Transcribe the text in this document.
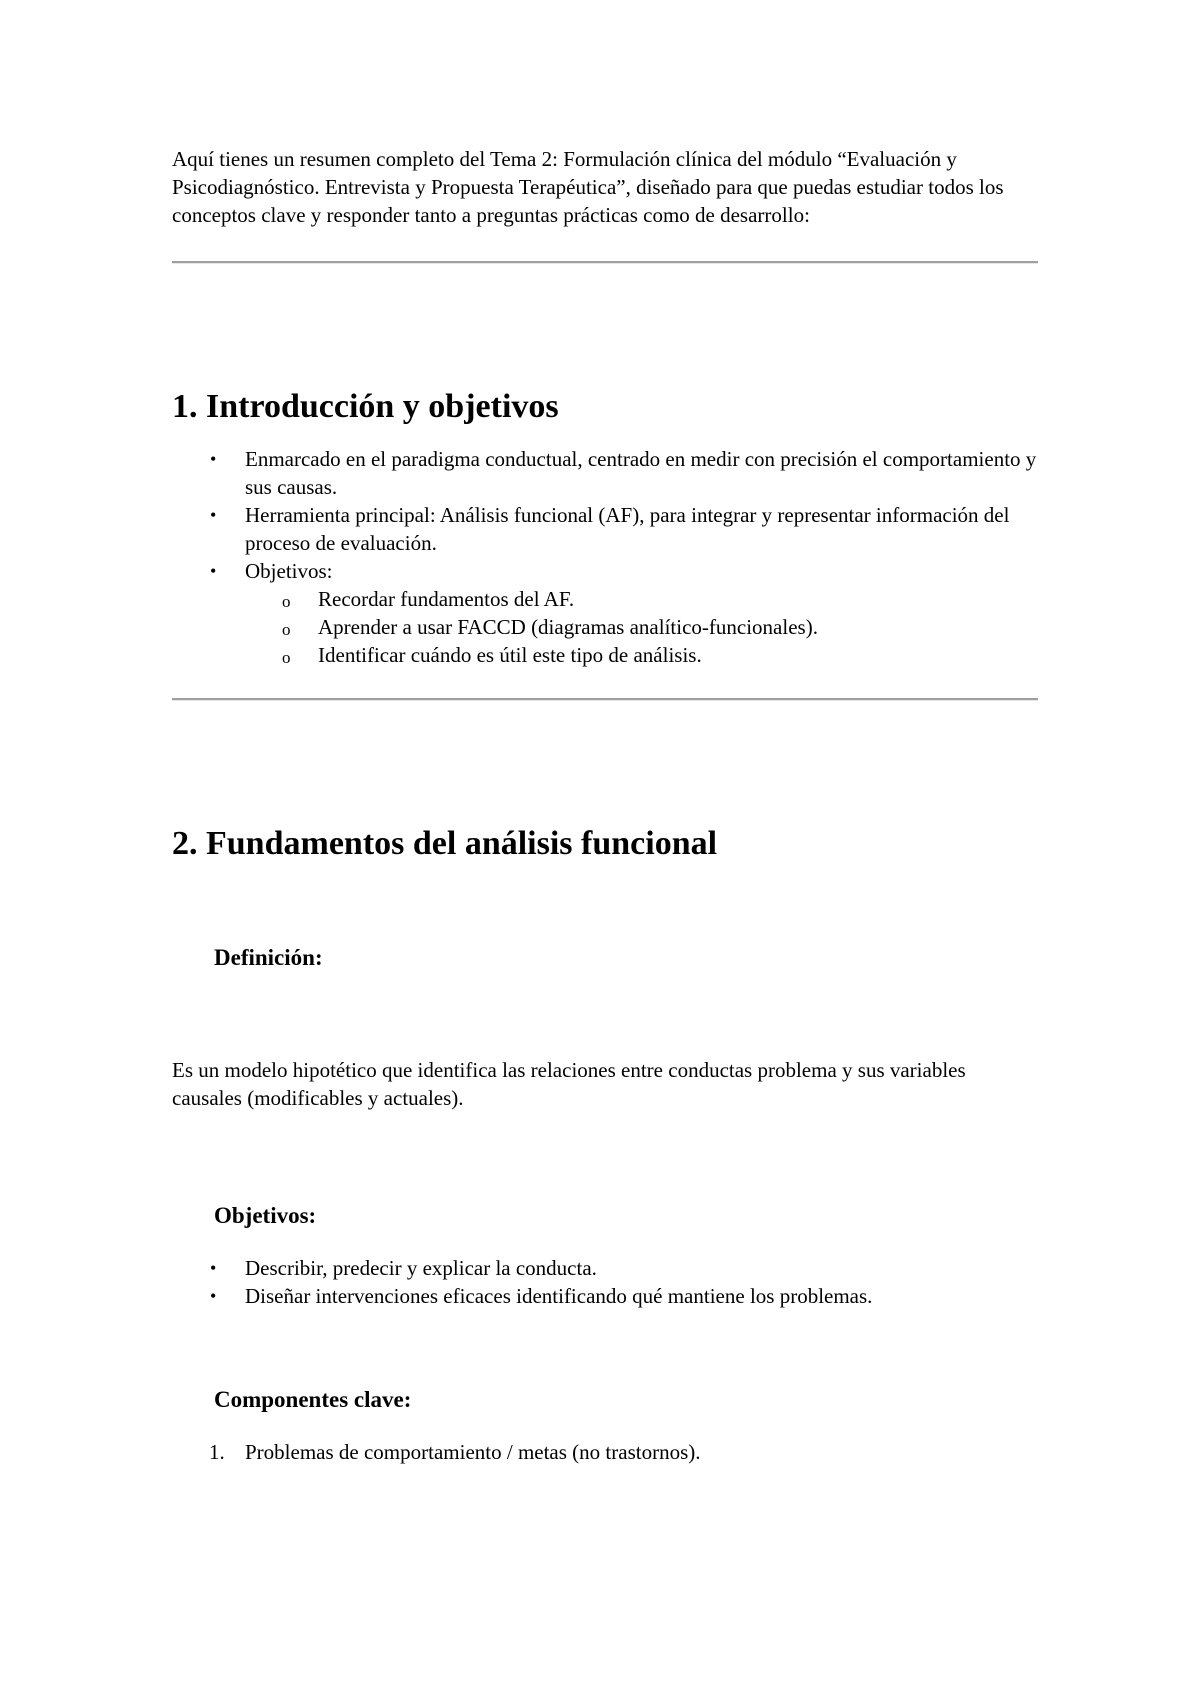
Aquí tienes un resumen completo del Tema 2: Formulación clínica del módulo “Evaluación y Psicodiagnóstico. Entrevista y Propuesta Terapéutica”, diseñado para que puedas estudiar todos los conceptos clave y responder tanto a preguntas prácticas como de desarrollo:

1. Introducción y objetivos
• Enmarcado en el paradigma conductual, centrado en medir con precisión el comportamiento y sus causas.
• Herramienta principal: Análisis funcional (AF), para integrar y representar información del proceso de evaluación.
• Objetivos:
o Recordar fundamentos del AF.
o Aprender a usar FACCD (diagramas analítico-funcionales).
o Identificar cuándo es útil este tipo de análisis.
2. Fundamentos del análisis funcional
Definición:

Es un modelo hipotético que identifica las relaciones entre conductas problema y sus variables causales (modificables y actuales).

Objetivos:
• Describir, predecir y explicar la conducta.
• Diseñar intervenciones eficaces identificando qué mantiene los problemas.
Componentes clave:
1. Problemas de comportamiento / metas (no trastornos).
